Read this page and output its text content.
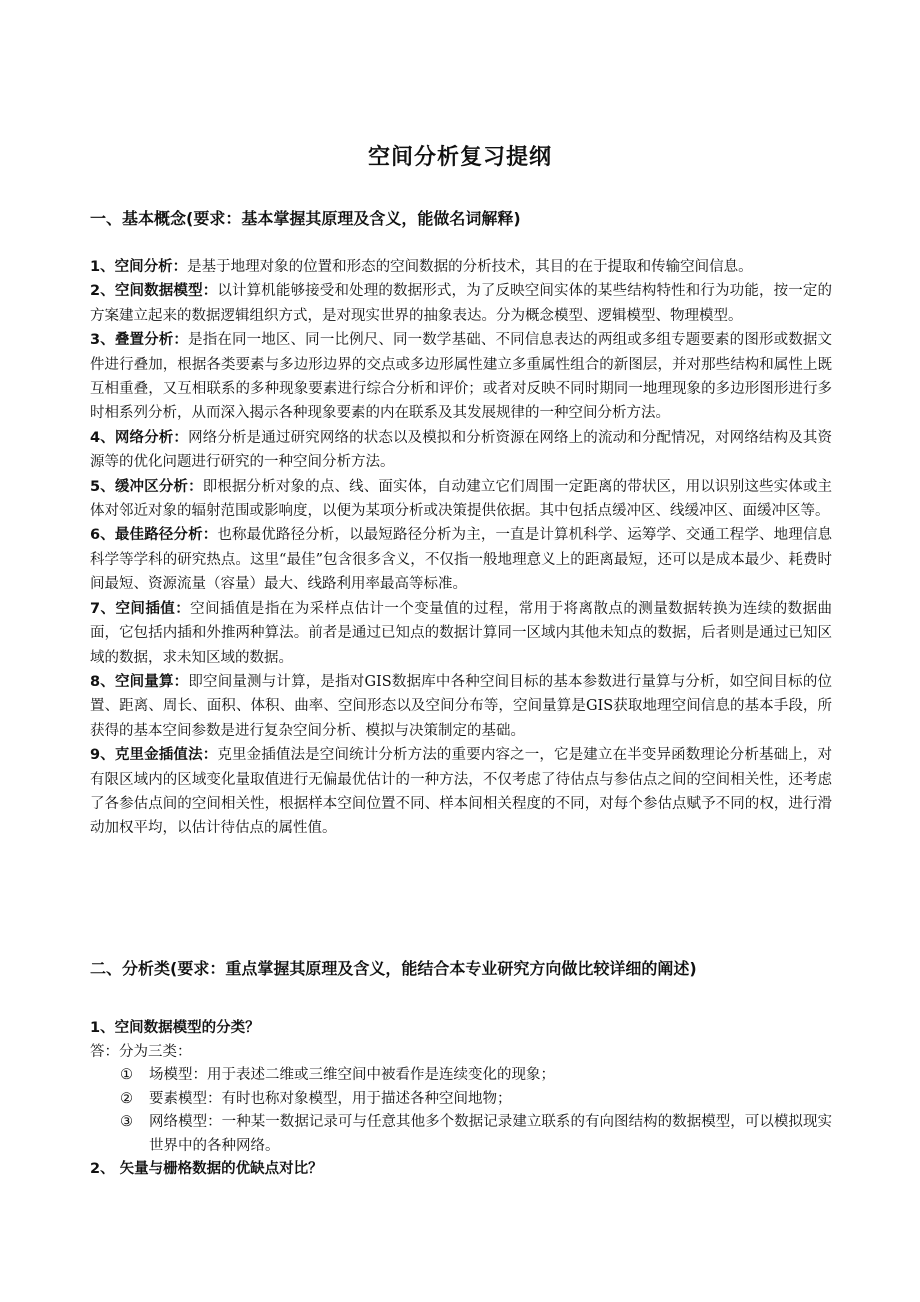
空间分析复习提纲
一、基本概念(要求：基本掌握其原理及含义，能做名词解释)
1、空间分析：是基于地理对象的位置和形态的空间数据的分析技术，其目的在于提取和传输空间信息。
2、空间数据模型：以计算机能够接受和处理的数据形式，为了反映空间实体的某些结构特性和行为功能，按一定的方案建立起来的数据逻辑组织方式，是对现实世界的抽象表达。分为概念模型、逻辑模型、物理模型。
3、叠置分析：是指在同一地区、同一比例尺、同一数学基础、不同信息表达的两组或多组专题要素的图形或数据文件进行叠加，根据各类要素与多边形边界的交点或多边形属性建立多重属性组合的新图层，并对那些结构和属性上既互相重叠，又互相联系的多种现象要素进行综合分析和评价；或者对反映不同时期同一地理现象的多边形图形进行多时相系列分析，从而深入揭示各种现象要素的内在联系及其发展规律的一种空间分析方法。
4、网络分析：网络分析是通过研究网络的状态以及模拟和分析资源在网络上的流动和分配情况，对网络结构及其资源等的优化问题进行研究的一种空间分析方法。
5、缓冲区分析：即根据分析对象的点、线、面实体，自动建立它们周围一定距离的带状区，用以识别这些实体或主体对邻近对象的辐射范围或影响度，以便为某项分析或决策提供依据。其中包括点缓冲区、线缓冲区、面缓冲区等。
6、最佳路径分析：也称最优路径分析，以最短路径分析为主，一直是计算机科学、运筹学、交通工程学、地理信息科学等学科的研究热点。这里“最佳”包含很多含义，不仅指一般地理意义上的距离最短，还可以是成本最少、耗费时间最短、资源流量（容量）最大、线路利用率最高等标准。
7、空间插值：空间插值是指在为采样点估计一个变量值的过程，常用于将离散点的测量数据转换为连续的数据曲面，它包括内插和外推两种算法。前者是通过已知点的数据计算同一区域内其他未知点的数据，后者则是通过已知区域的数据，求未知区域的数据。
8、空间量算：即空间量测与计算，是指对GIS数据库中各种空间目标的基本参数进行量算与分析，如空间目标的位置、距离、周长、面积、体积、曲率、空间形态以及空间分布等，空间量算是GIS获取地理空间信息的基本手段，所获得的基本空间参数是进行复杂空间分析、模拟与决策制定的基础。
9、克里金插值法：克里金插值法是空间统计分析方法的重要内容之一，它是建立在半变异函数理论分析基础上，对有限区域内的区域变化量取值进行无偏最优估计的一种方法，不仅考虑了待估点与参估点之间的空间相关性，还考虑了各参估点间的空间相关性，根据样本空间位置不同、样本间相关程度的不同，对每个参估点赋予不同的权，进行滑动加权平均，以估计待估点的属性值。
二、分析类(要求：重点掌握其原理及含义，能结合本专业研究方向做比较详细的阐述)
1、空间数据模型的分类？
答：分为三类：
① 场模型：用于表述二维或三维空间中被看作是连续变化的现象；
② 要素模型：有时也称对象模型，用于描述各种空间地物；
③ 网络模型：一种某一数据记录可与任意其他多个数据记录建立联系的有向图结构的数据模型，可以模拟现实世界中的各种网络。
2、 矢量与栅格数据的优缺点对比？
